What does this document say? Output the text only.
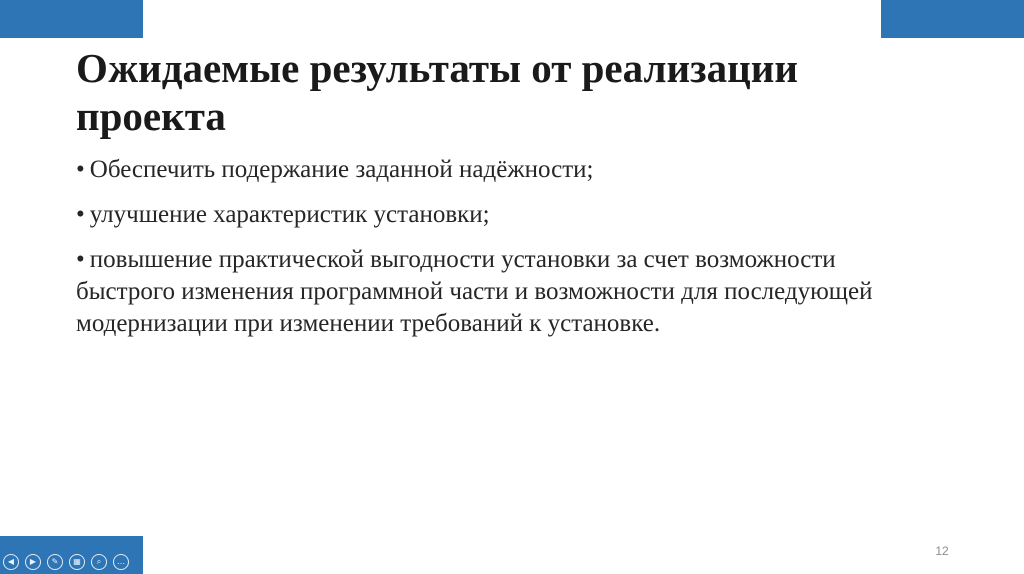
Ожидаемые результаты от реализации проекта
• Обеспечить подержание заданной надёжности;
• улучшение характеристик установки;
• повышение практической выгодности установки за счет возможности быстрого изменения программной части и возможности для последующей модернизации при изменении требований к установке.
12
◀	▶	✎	▦	⌕	…
